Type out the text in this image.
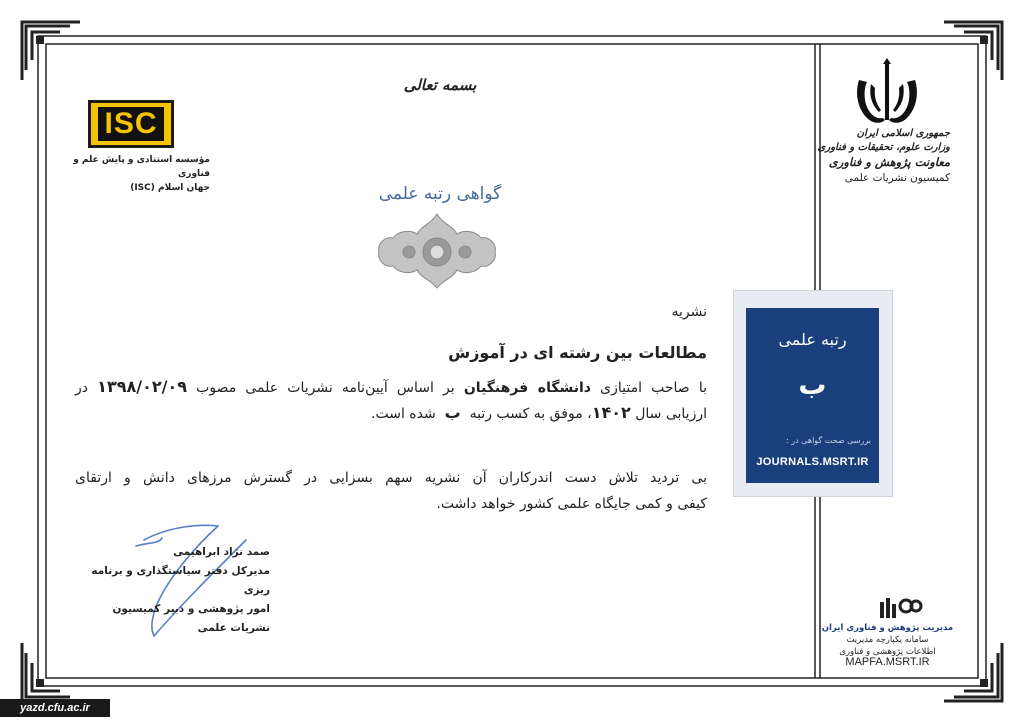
بسمه تعالی
گواهی رتبه علمی
ISC
مؤسسه استنادی و پایش علم و فناوری
جهان اسلام (ISC)
جمهوری اسلامی ایران
وزارت علوم، تحقیقات و فناوری
معاونت پژوهش و فناوری
کمیسیون نشریات علمی
رتبه علمی
ب
بررسی صحت گواهی در :
JOURNALS.MSRT.IR
نشریه
مطالعات بین رشته ای در آموزش
با صاحب امتیازی دانشگاه فرهنگیان بر اساس آیین‌نامه نشریات علمی مصوب ۱۳۹۸/۰۲/۰۹ در
ارزیابی سال ۱۴۰۲، موفق به کسب رتبه  ب  شده است.
بی تردید تلاش دست اندرکاران آن نشریه سهم بسزایی در گسترش مرزهای دانش و ارتقای
کیفی و کمی جایگاه علمی کشور خواهد داشت.
صمد نژاد ابراهیمی
مدیرکل دفتر سیاستگذاری و برنامه ریزی
امور پژوهشی و دبیر کمیسیون
نشریات علمی	مدیریت پژوهش و فناوری ایران
سامانه یکپارچه مدیریت
اطلاعات پژوهشی و فناوری
MAPFA.MSRT.IR
yazd.cfu.ac.ir
